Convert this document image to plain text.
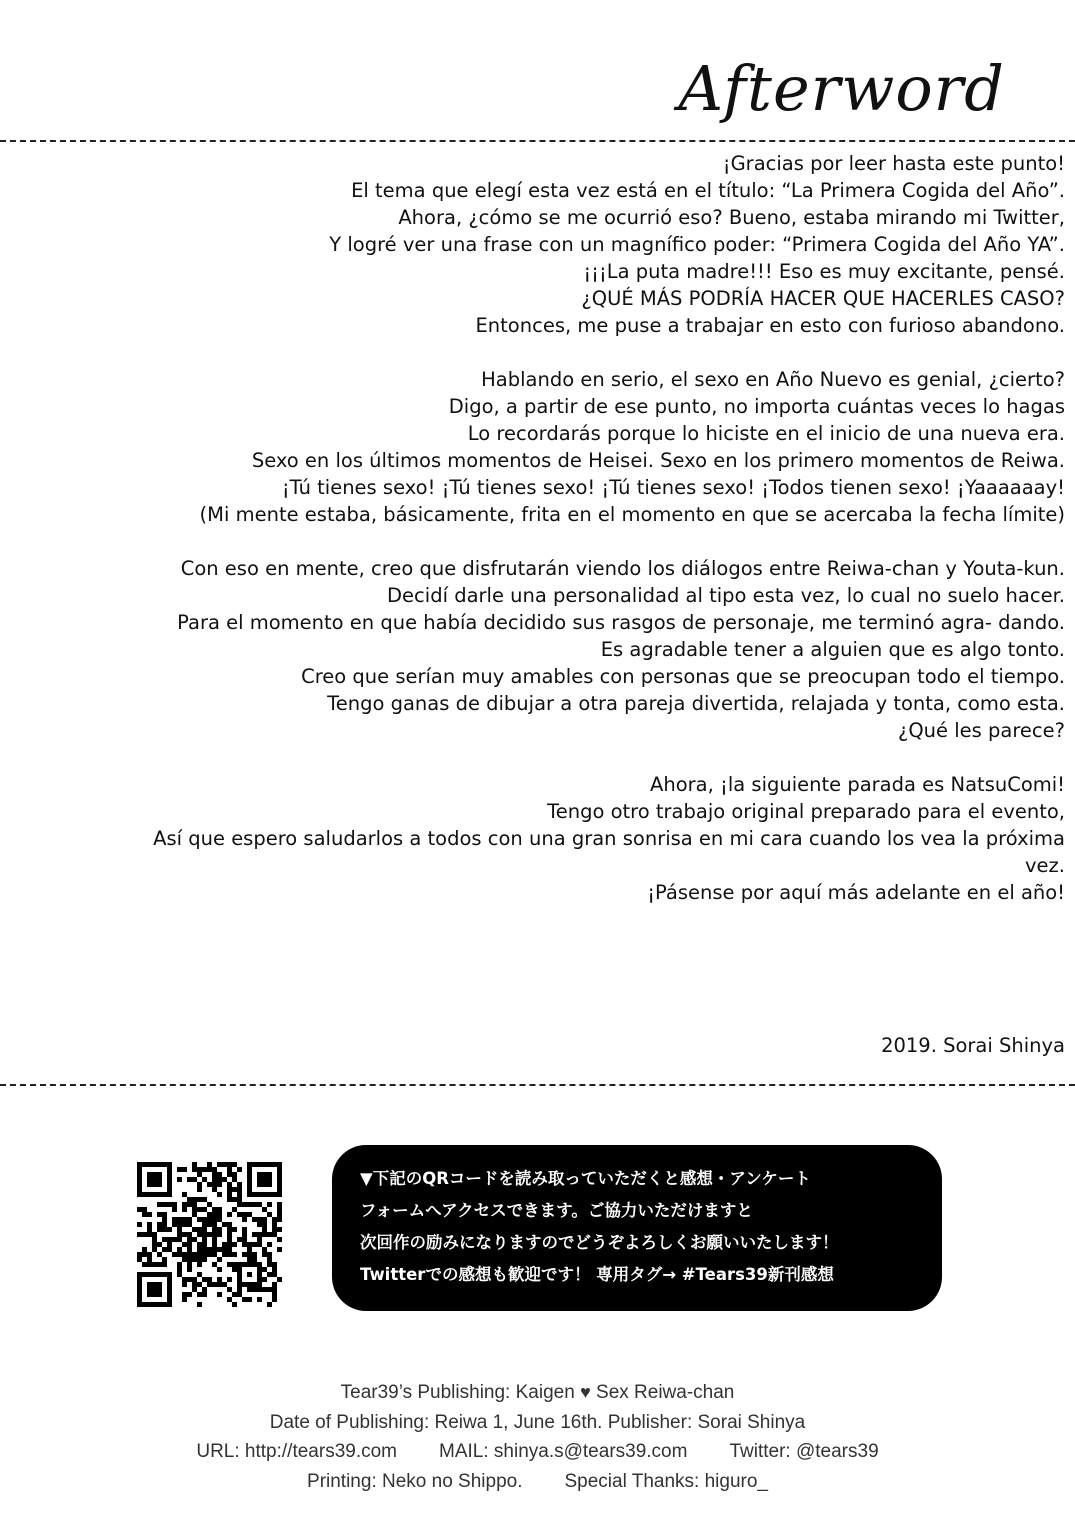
Afterword
¡Gracias por leer hasta este punto!
El tema que elegí esta vez está en el título: “La Primera Cogida del Año”.
Ahora, ¿cómo se me ocurrió eso? Bueno, estaba mirando mi Twitter,
Y logré ver una frase con un magnífico poder: “Primera Cogida del Año YA”.
¡¡¡La puta madre!!! Eso es muy excitante, pensé.
¿QUÉ MÁS PODRÍA HACER QUE HACERLES CASO?
Entonces, me puse a trabajar en esto con furioso abandono.
Hablando en serio, el sexo en Año Nuevo es genial, ¿cierto?
Digo, a partir de ese punto, no importa cuántas veces lo hagas
Lo recordarás porque lo hiciste en el inicio de una nueva era.
Sexo en los últimos momentos de Heisei. Sexo en los primero momentos de Reiwa.
¡Tú tienes sexo! ¡Tú tienes sexo! ¡Tú tienes sexo! ¡Todos tienen sexo! ¡Yaaaaaay!
(Mi mente estaba, básicamente, frita en el momento en que se acercaba la fecha límite)
Con eso en mente, creo que disfrutarán viendo los diálogos entre Reiwa-chan y Youta-kun.
Decidí darle una personalidad al tipo esta vez, lo cual no suelo hacer.
Para el momento en que había decidido sus rasgos de personaje, me terminó agra- dando.
Es agradable tener a alguien que es algo tonto.
Creo que serían muy amables con personas que se preocupan todo el tiempo.
Tengo ganas de dibujar a otra pareja divertida, relajada y tonta, como esta.
¿Qué les parece?
Ahora, ¡la siguiente parada es NatsuComi!
Tengo otro trabajo original preparado para el evento,
Así que espero saludarlos a todos con una gran sonrisa en mi cara cuando los vea la próxima vez.
¡Pásense por aquí más adelante en el año!
2019. Sorai Shinya
▼下記のQRコードを読み取っていただくと感想・アンケート
フォームへアクセスできます。ご協力いただけますと
次回作の励みになりますのでどうぞよろしくお願いいたします！
Twitterでの感想も歓迎です！ 専用タグ→ #Tears39新刊感想
Tear39’s Publishing: Kaigen ♥ Sex Reiwa-chan
Date of Publishing: Reiwa 1, June 16th. Publisher: Sorai Shinya
URL: http://tears39.com MAIL: shinya.s@tears39.com Twitter: @tears39
Printing: Neko no Shippo. Special Thanks: higuro_
